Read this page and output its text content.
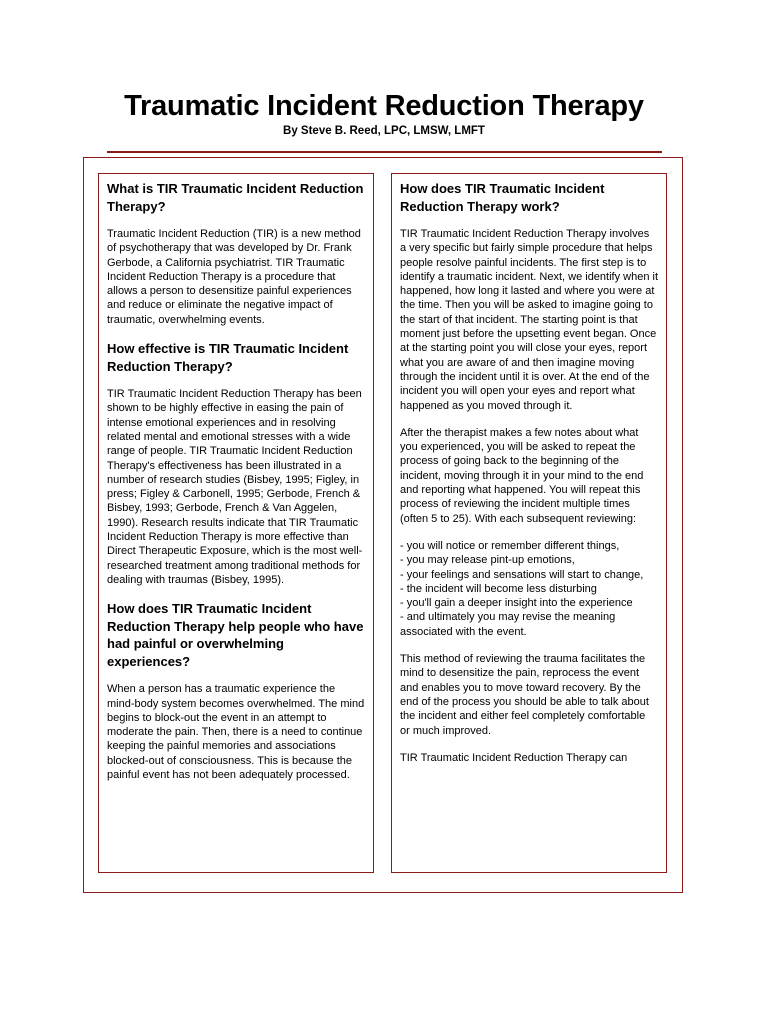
Traumatic Incident Reduction Therapy
By Steve B. Reed, LPC, LMSW, LMFT
What is TIR Traumatic Incident Reduction Therapy?

Traumatic Incident Reduction (TIR) is a new method of psychotherapy that was developed by Dr. Frank Gerbode, a California psychiatrist. TIR Traumatic Incident Reduction Therapy is a procedure that allows a person to desensitize painful experiences and reduce or eliminate the negative impact of traumatic, overwhelming events.

How effective is TIR Traumatic Incident Reduction Therapy?

TIR Traumatic Incident Reduction Therapy has been shown to be highly effective in easing the pain of intense emotional experiences and in resolving related mental and emotional stresses with a wide range of people. TIR Traumatic Incident Reduction Therapy's effectiveness has been illustrated in a number of research studies (Bisbey, 1995; Figley, in press; Figley & Carbonell, 1995; Gerbode, French & Bisbey, 1993; Gerbode, French & Van Aggelen, 1990). Research results indicate that TIR Traumatic Incident Reduction Therapy is more effective than Direct Therapeutic Exposure, which is the most well-researched treatment among traditional methods for dealing with traumas (Bisbey, 1995).

How does TIR Traumatic Incident Reduction Therapy help people who have had painful or overwhelming experiences?

When a person has a traumatic experience the mind-body system becomes overwhelmed. The mind begins to block-out the event in an attempt to moderate the pain. Then, there is a need to continue keeping the painful memories and associations blocked-out of consciousness. This is because the painful event has not been adequately processed.

How does TIR Traumatic Incident Reduction Therapy work?

TIR Traumatic Incident Reduction Therapy involves a very specific but fairly simple procedure that helps people resolve painful incidents. The first step is to identify a traumatic incident. Next, we identify when it happened, how long it lasted and where you were at the time. Then you will be asked to imagine going to the start of that incident. The starting point is that moment just before the upsetting event began. Once at the starting point you will close your eyes, report what you are aware of and then imagine moving through the incident until it is over. At the end of the incident you will open your eyes and report what happened as you moved through it.

After the therapist makes a few notes about what you experienced, you will be asked to repeat the process of going back to the beginning of the incident, moving through it in your mind to the end and reporting what happened. You will repeat this process of reviewing the incident multiple times (often 5 to 25). With each subsequent reviewing:

- you will notice or remember different things,
- you may release pint-up emotions,
- your feelings and sensations will start to change,
- the incident will become less disturbing
- you'll gain a deeper insight into the experience
- and ultimately you may revise the meaning associated with the event.

This method of reviewing the trauma facilitates the mind to desensitize the pain, reprocess the event and enables you to move toward recovery. By the end of the process you should be able to talk about the incident and either feel completely comfortable or much improved.

TIR Traumatic Incident Reduction Therapy can
